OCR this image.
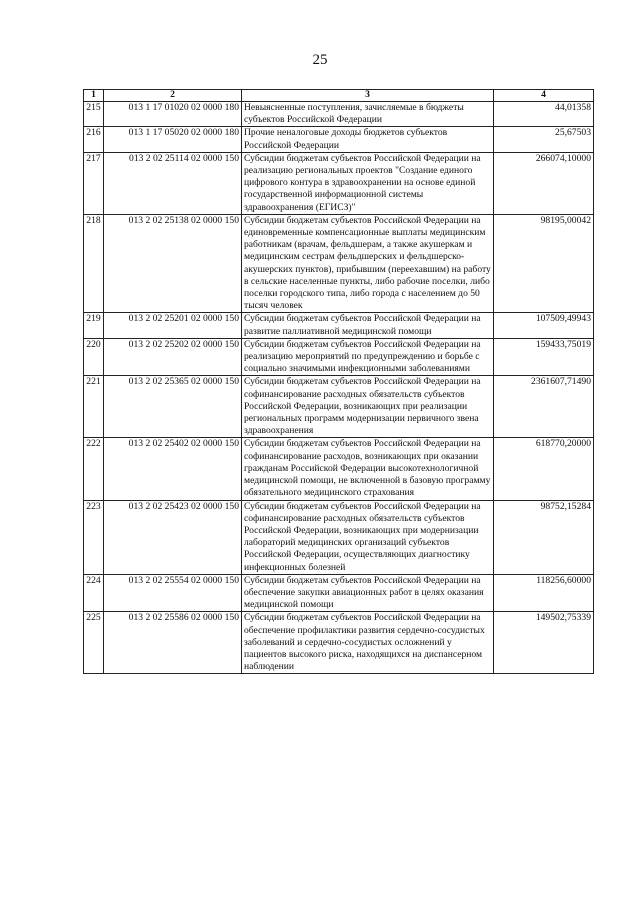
25
1	2	3	4
215	013 1 17 01020 02 0000 180	Невыясненные поступления, зачисляемые в бюджеты субъектов Российской Федерации	44,01358
216	013 1 17 05020 02 0000 180	Прочие неналоговые доходы бюджетов субъектов Российской Федерации	25,67503
217	013 2 02 25114 02 0000 150	Субсидии бюджетам субъектов Российской Федерации на реализацию региональных проектов "Создание единого цифрового контура в здравоохранении на основе единой государственной информационной системы здравоохранения (ЕГИСЗ)"	266074,10000
218	013 2 02 25138 02 0000 150	Субсидии бюджетам субъектов Российской Федерации на единовременные компенсационные выплаты медицинским работникам (врачам, фельдшерам, а также акушеркам и медицинским сестрам фельдшерских и фельдшерско-акушерских пунктов), прибывшим (переехавшим) на работу в сельские населенные пункты, либо рабочие поселки, либо поселки городского типа, либо города с населением до 50 тысяч человек	98195,00042
219	013 2 02 25201 02 0000 150	Субсидии бюджетам субъектов Российской Федерации на развитие паллиативной медицинской помощи	107509,49943
220	013 2 02 25202 02 0000 150	Субсидии бюджетам субъектов Российской Федерации на реализацию мероприятий по предупреждению и борьбе с социально значимыми инфекционными заболеваниями	159433,75019
221	013 2 02 25365 02 0000 150	Субсидии бюджетам субъектов Российской Федерации на софинансирование расходных обязательств субъектов Российской Федерации, возникающих при реализации региональных программ модернизации первичного звена здравоохранения	2361607,71490
222	013 2 02 25402 02 0000 150	Субсидии бюджетам субъектов Российской Федерации на софинансирование расходов, возникающих при оказании гражданам Российской Федерации высокотехнологичной медицинской помощи, не включенной в базовую программу обязательного медицинского страхования	618770,20000
223	013 2 02 25423 02 0000 150	Субсидии бюджетам субъектов Российской Федерации на софинансирование расходных обязательств субъектов Российской Федерации, возникающих при модернизации лабораторий медицинских организаций субъектов Российской Федерации, осуществляющих диагностику инфекционных болезней	98752,15284
224	013 2 02 25554 02 0000 150	Субсидии бюджетам субъектов Российской Федерации на обеспечение закупки авиационных работ в целях оказания медицинской помощи	118256,60000
225	013 2 02 25586 02 0000 150	Субсидии бюджетам субъектов Российской Федерации на обеспечение профилактики развития сердечно-сосудистых заболеваний и сердечно-сосудистых осложнений у пациентов высокого риска, находящихся на диспансерном наблюдении	149502,75339
